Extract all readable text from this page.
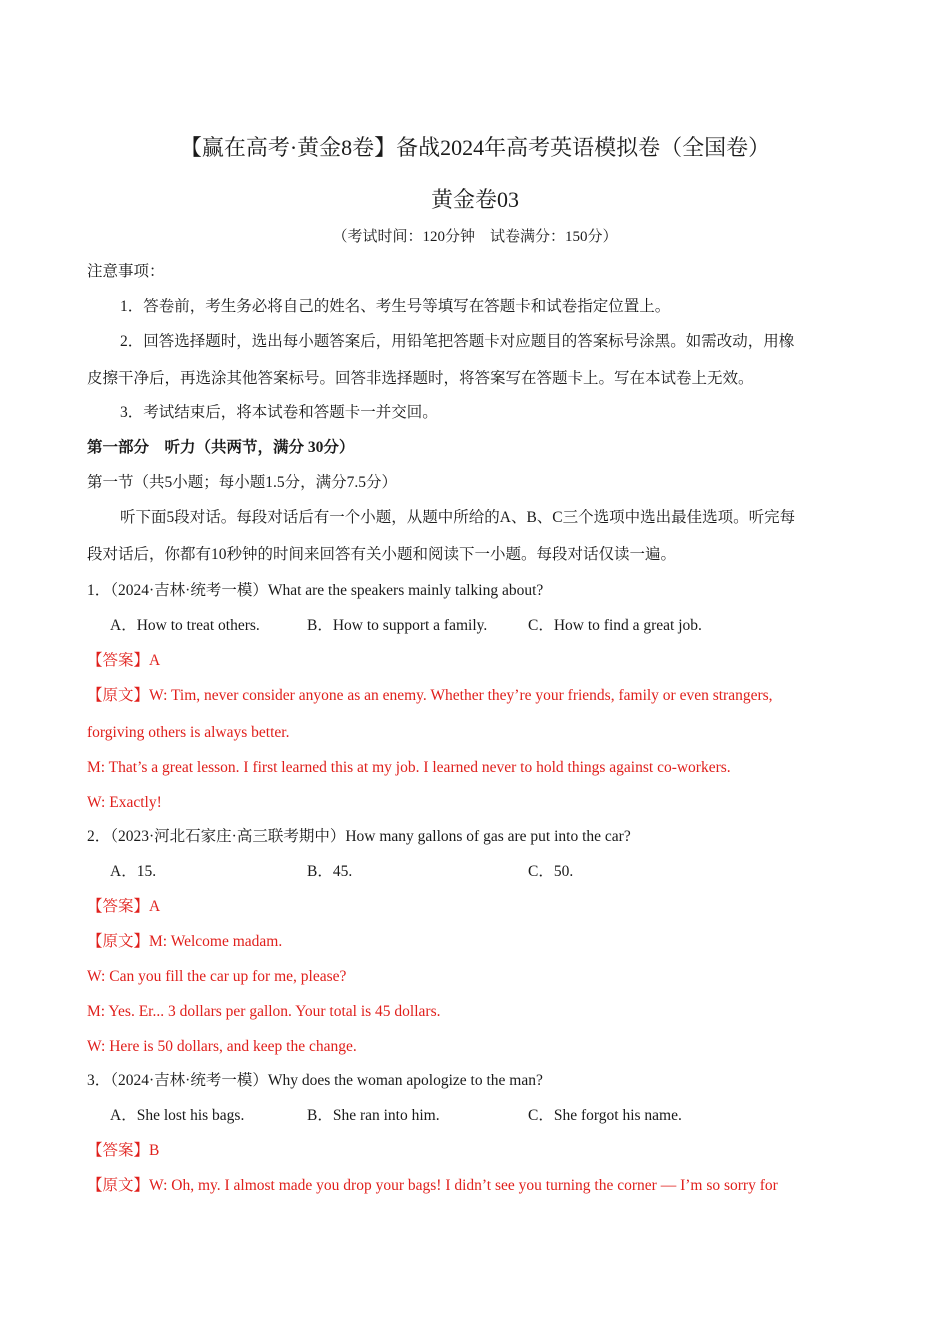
【赢在高考·黄金8卷】备战2024年高考英语模拟卷（全国卷）
黄金卷03
（考试时间：120分钟　试卷满分：150分）
注意事项：
1．答卷前，考生务必将自己的姓名、考生号等填写在答题卡和试卷指定位置上。
2．回答选择题时，选出每小题答案后，用铅笔把答题卡对应题目的答案标号涂黑。如需改动，用橡
皮擦干净后，再选涂其他答案标号。回答非选择题时，将答案写在答题卡上。写在本试卷上无效。
3．考试结束后，将本试卷和答题卡一并交回。
第一部分　听力（共两节，满分 30分）
第一节（共5小题；每小题1.5分，满分7.5分）
听下面5段对话。每段对话后有一个小题，从题中所给的A、B、C三个选项中选出最佳选项。听完每
段对话后，你都有10秒钟的时间来回答有关小题和阅读下一小题。每段对话仅读一遍。
1．（2024·吉林·统考一模）What are the speakers mainly talking about?
A．How to treat others.	B．How to support a family.	C．How to find a great job.
【答案】A
【原文】W: Tim, never consider anyone as an enemy. Whether they’re your friends, family or even strangers,
forgiving others is always better.
M: That’s a great lesson. I first learned this at my job. I learned never to hold things against co-workers.
W: Exactly!
2．（2023·河北石家庄·高三联考期中）How many gallons of gas are put into the car?
A．15.	B．45.	C．50.
【答案】A
【原文】M: Welcome madam.
W: Can you fill the car up for me, please?
M: Yes. Er... 3 dollars per gallon. Your total is 45 dollars.
W: Here is 50 dollars, and keep the change.
3．（2024·吉林·统考一模）Why does the woman apologize to the man?
A．She lost his bags.	B．She ran into him.	C．She forgot his name.
【答案】B
【原文】W: Oh, my. I almost made you drop your bags! I didn’t see you turning the corner — I’m so sorry for
